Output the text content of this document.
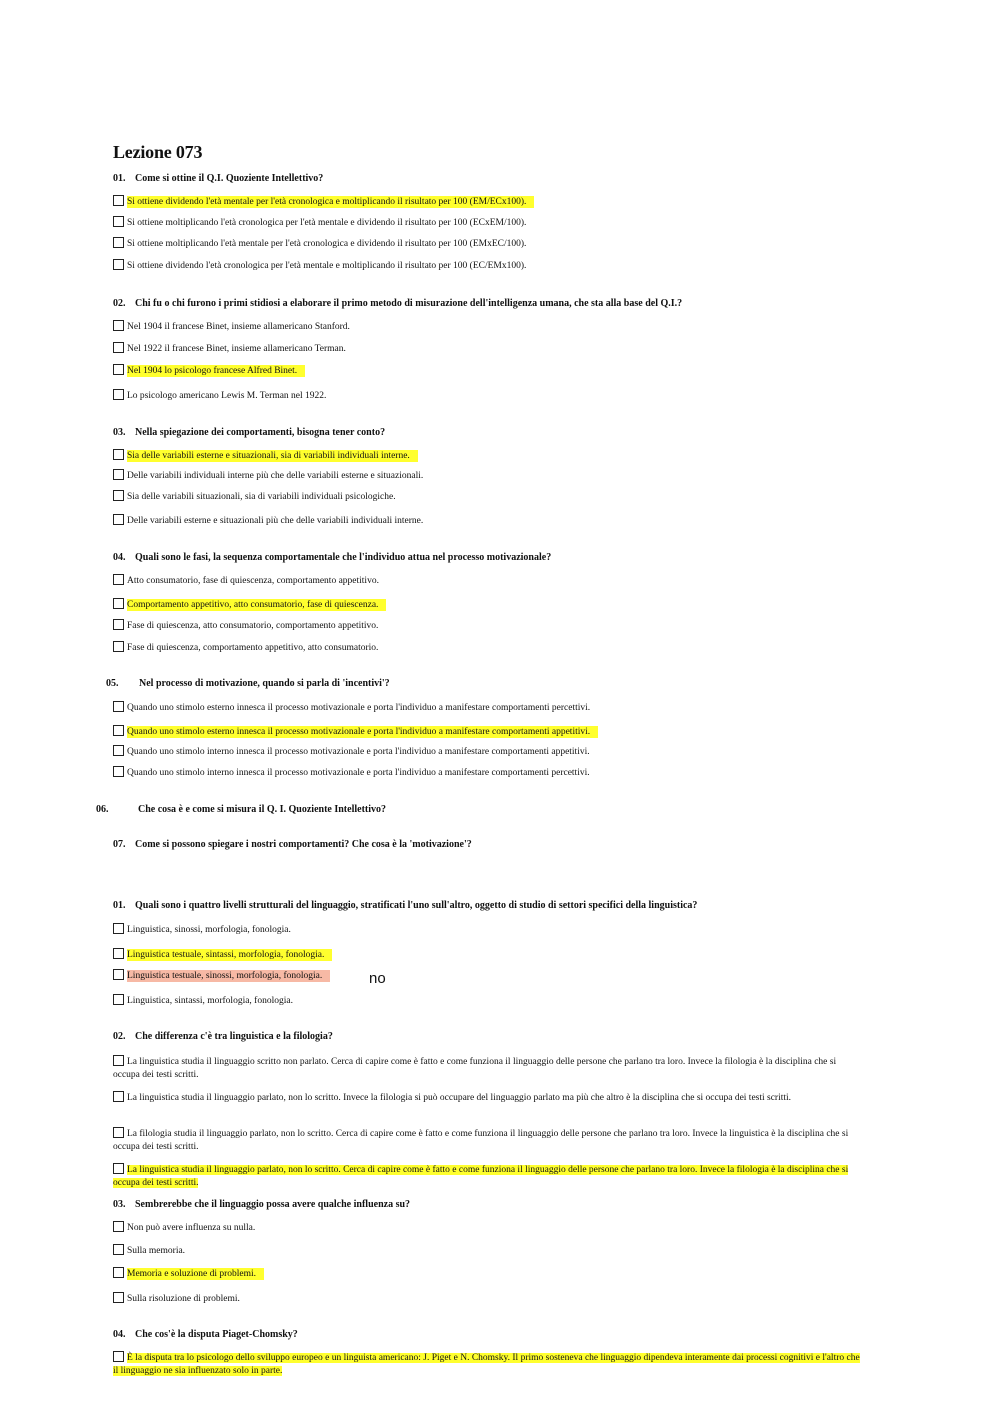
Lezione 073
01. Come si ottine il Q.I. Quoziente Intellettivo?
Si ottiene dividendo l'età mentale per l'età cronologica e moltiplicando il risultato per 100 (EM/ECx100).
Si ottiene moltiplicando l'età cronologica per l'età mentale e dividendo il risultato per 100 (ECxEM/100).
Si ottiene moltiplicando l'età mentale per l'età cronologica e dividendo il risultato per 100 (EMxEC/100).
Si ottiene dividendo l'età cronologica per l'età mentale e moltiplicando il risultato per 100 (EC/EMx100).
02. Chi fu o chi furono i primi stidiosi a elaborare il primo metodo di misurazione dell'intelligenza umana, che sta alla base del Q.I.?
Nel 1904 il francese Binet, insieme allamericano Stanford.
Nel 1922 il francese Binet, insieme allamericano Terman.
Nel 1904 lo psicologo francese Alfred Binet.
Lo psicologo americano Lewis M. Terman nel 1922.
03. Nella spiegazione dei comportamenti, bisogna tener conto?
Sia delle variabili esterne e situazionali, sia di variabili individuali interne.
Delle variabili individuali interne più che delle variabili esterne e situazionali.
Sia delle variabili situazionali, sia di variabili individuali psicologiche.
Delle variabili esterne e situazionali più che delle variabili individuali interne.
04. Quali sono le fasi, la sequenza comportamentale che l'individuo attua nel processo motivazionale?
Atto consumatorio, fase di quiescenza, comportamento appetitivo.
Comportamento appetitivo, atto consumatorio, fase di quiescenza.
Fase di quiescenza, atto consumatorio, comportamento appetitivo.
Fase di quiescenza, comportamento appetitivo, atto consumatorio.
05. Nel processo di motivazione, quando si parla di 'incentivi'?
Quando uno stimolo esterno innesca il processo motivazionale e porta l'individuo a manifestare comportamenti percettivi.
Quando uno stimolo esterno innesca il processo motivazionale e porta l'individuo a manifestare comportamenti appetitivi.
Quando uno stimolo interno innesca il processo motivazionale e porta l'individuo a manifestare comportamenti appetitivi.
Quando uno stimolo interno innesca il processo motivazionale e porta l'individuo a manifestare comportamenti percettivi.
06.	Che cosa è e come si misura il Q. I. Quoziente Intellettivo?
07. Come si possono spiegare i nostri comportamenti? Che cosa è la 'motivazione'?
01. Quali sono i quattro livelli strutturali del linguaggio, stratificati l'uno sull'altro, oggetto di studio di settori specifici della linguistica?
Linguistica, sinossi, morfologia, fonologia.
Linguistica testuale, sintassi, morfologia, fonologia.
Linguistica testuale, sinossi, morfologia, fonologia.	no
Linguistica, sintassi, morfologia, fonologia.
02. Che differenza c'è tra linguistica e la filologia?
La linguistica studia il linguaggio scritto non parlato. Cerca di capire come è fatto e come funziona il linguaggio delle persone che parlano tra loro. Invece la filologia è la disciplina che si occupa dei testi scritti.
La linguistica studia il linguaggio parlato, non lo scritto. Invece la filologia si può occupare del linguaggio parlato ma più che altro è la disciplina che si occupa dei testi scritti.
La filologia studia il linguaggio parlato, non lo scritto. Cerca di capire come è fatto e come funziona il linguaggio delle persone che parlano tra loro. Invece la linguistica è la disciplina che si occupa dei testi scritti.
La linguistica studia il linguaggio parlato, non lo scritto. Cerca di capire come è fatto e come funziona il linguaggio delle persone che parlano tra loro. Invece la filologia è la disciplina che si occupa dei testi scritti.
03. Sembrerebbe che il linguaggio possa avere qualche influenza su?
Non può avere influenza su nulla.
Sulla memoria.
Memoria e soluzione di problemi.
Sulla risoluzione di problemi.
04. Che cos'è la disputa Piaget-Chomsky?
È la disputa tra lo psicologo dello sviluppo europeo e un linguista americano: J. Piget e N. Chomsky. Il primo sosteneva che linguaggio dipendeva interamente dai processi cognitivi e l'altro che il linguaggio ne sia influenzato solo in parte.
